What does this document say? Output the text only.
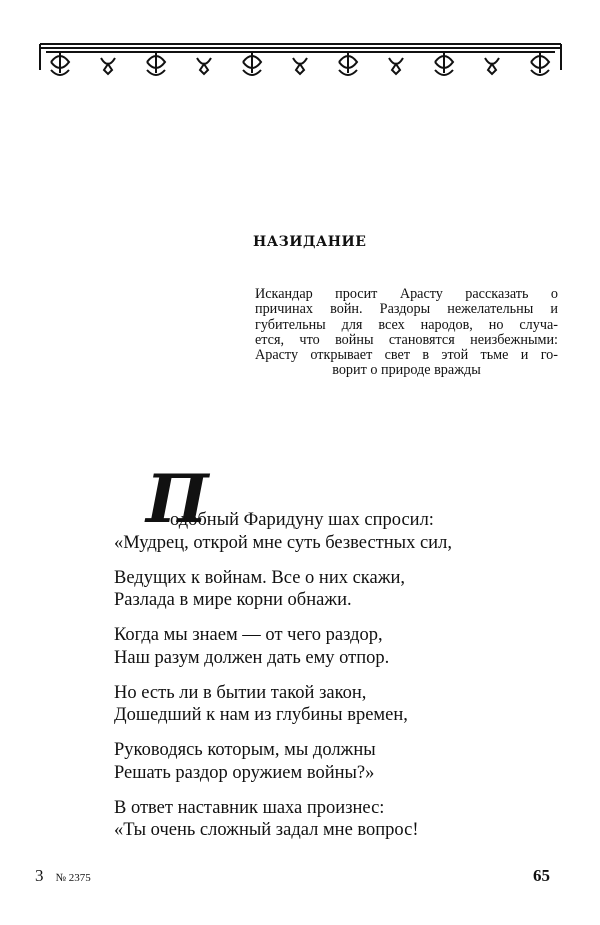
НАЗИДАНИЕ
Искандар просит Арасту рассказать о
причинах войн. Раздоры нежелательны и
губительны для всех народов, но случа-
ется, что войны становятся неизбежными:
Арасту открывает свет в этой тьме и го-
ворит о природе вражды
П
одобный Фаридуну шах спросил:
«Мудрец, открой мне суть безвестных сил,
Ведущих к войнам. Все о них скажи,
Разлада в мире корни обнажи.
Когда мы знаем — от чего раздор,
Наш разум должен дать ему отпор.
Но есть ли в бытии такой закон,
Дошедший к нам из глубины времен,
Руководясь которым, мы должны
Решать раздор оружием войны?»
В ответ наставник шаха произнес:
«Ты очень сложный задал мне вопрос!
3 № 2375	65
